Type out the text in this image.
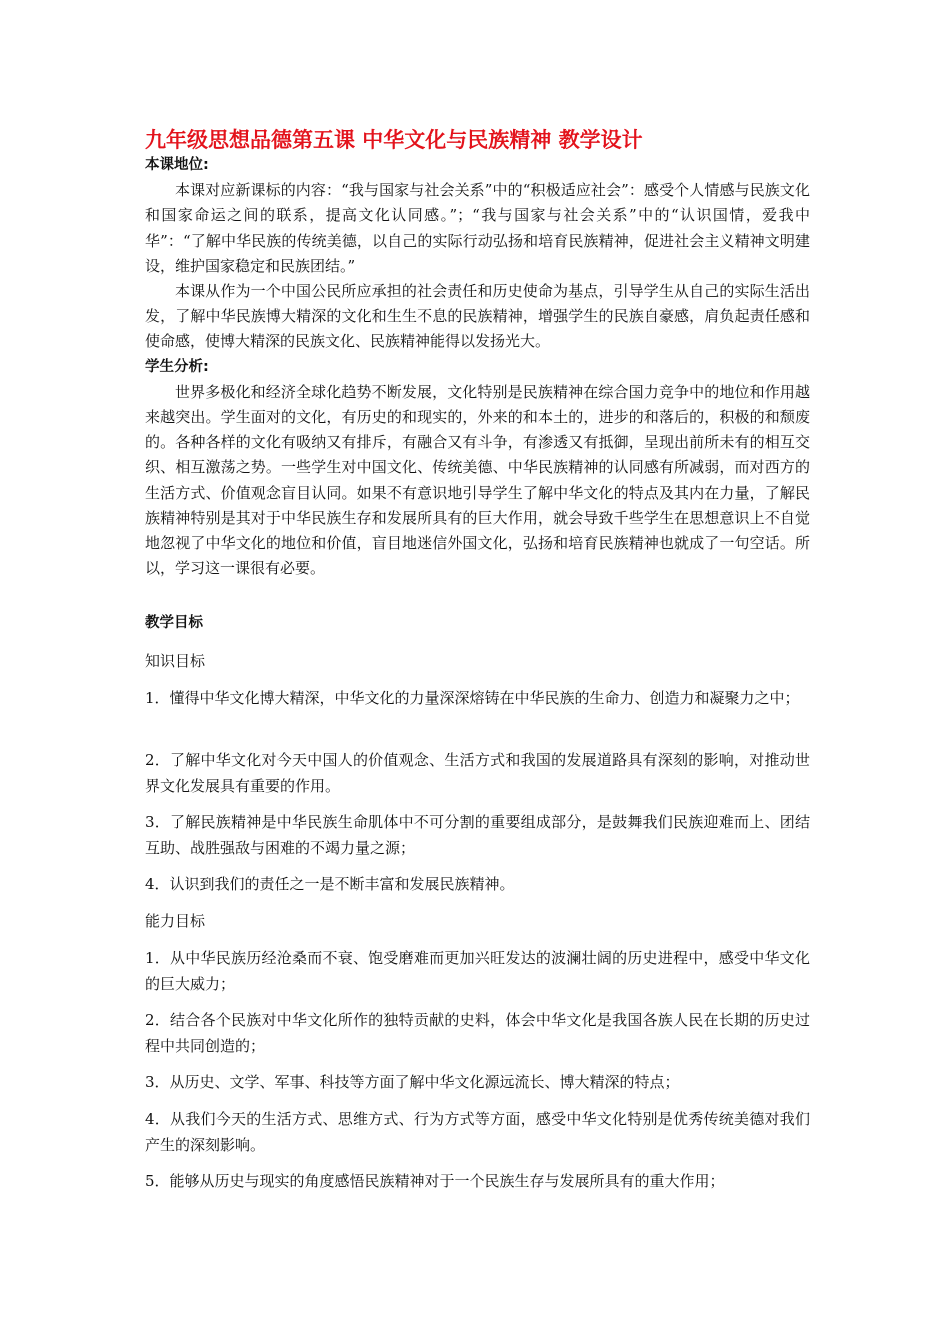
九年级思想品德第五课 中华文化与民族精神 教学设计
本课地位:
本课对应新课标的内容：“我与国家与社会关系”中的“积极适应社会”：感受个人情感与民族文化和国家命运之间的联系，提高文化认同感。”；“我与国家与社会关系”中的“认识国情，爱我中华”：“了解中华民族的传统美德，以自己的实际行动弘扬和培育民族精神，促进社会主义精神文明建设，维护国家稳定和民族团结。”
本课从作为一个中国公民所应承担的社会责任和历史使命为基点，引导学生从自己的实际生活出发，了解中华民族博大精深的文化和生生不息的民族精神，增强学生的民族自豪感，肩负起责任感和使命感，使博大精深的民族文化、民族精神能得以发扬光大。
学生分析:
世界多极化和经济全球化趋势不断发展，文化特别是民族精神在综合国力竞争中的地位和作用越来越突出。学生面对的文化，有历史的和现实的，外来的和本土的，进步的和落后的，积极的和颓废的。各种各样的文化有吸纳又有排斥，有融合又有斗争，有渗透又有抵御，呈现出前所未有的相互交织、相互激荡之势。一些学生对中国文化、传统美德、中华民族精神的认同感有所减弱，而对西方的生活方式、价值观念盲目认同。如果不有意识地引导学生了解中华文化的特点及其内在力量，了解民族精神特别是其对于中华民族生存和发展所具有的巨大作用，就会导致千些学生在思想意识上不自觉地忽视了中华文化的地位和价值，盲目地迷信外国文化，弘扬和培育民族精神也就成了一句空话。所以，学习这一课很有必要。
教学目标
知识目标
1．懂得中华文化博大精深，中华文化的力量深深熔铸在中华民族的生命力、创造力和凝聚力之中；
2．了解中华文化对今天中国人的价值观念、生活方式和我国的发展道路具有深刻的影响，对推动世界文化发展具有重要的作用。
3．了解民族精神是中华民族生命肌体中不可分割的重要组成部分，是鼓舞我们民族迎难而上、团结互助、战胜强敌与困难的不竭力量之源；
4．认识到我们的责任之一是不断丰富和发展民族精神。
能力目标
1．从中华民族历经沧桑而不衰、饱受磨难而更加兴旺发达的波澜壮阔的历史进程中，感受中华文化的巨大威力；
2．结合各个民族对中华文化所作的独特贡献的史料，体会中华文化是我国各族人民在长期的历史过程中共同创造的；
3．从历史、文学、军事、科技等方面了解中华文化源远流长、博大精深的特点；
4．从我们今天的生活方式、思维方式、行为方式等方面，感受中华文化特别是优秀传统美德对我们产生的深刻影响。
5．能够从历史与现实的角度感悟民族精神对于一个民族生存与发展所具有的重大作用；
